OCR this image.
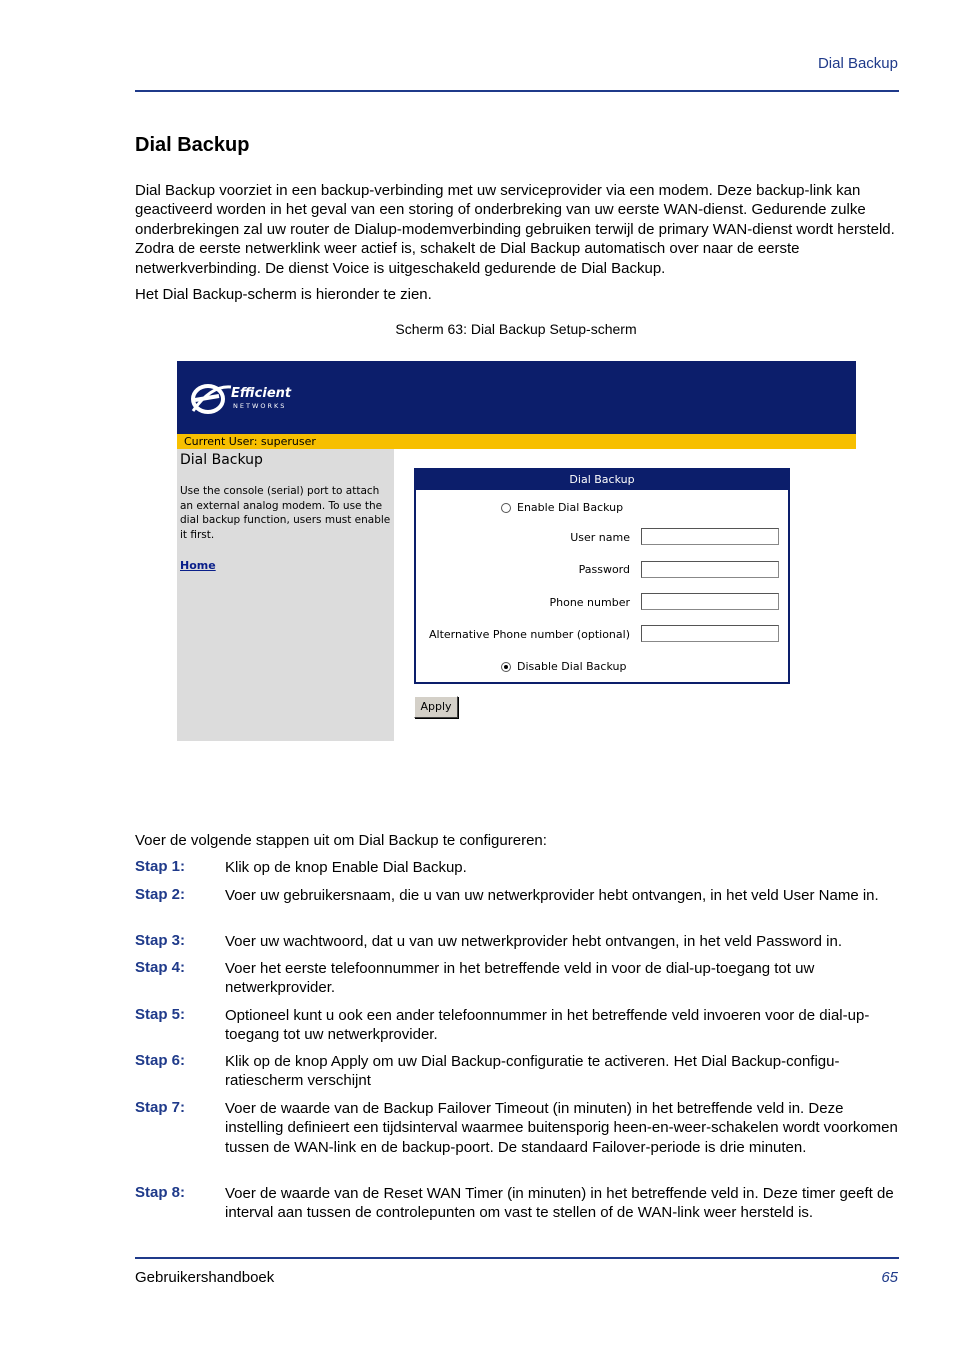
Dial Backup
Dial Backup
Dial Backup voorziet in een backup-verbinding met uw serviceprovider via een modem. Deze backup-link kan geactiveerd worden in het geval van een storing of onderbreking van uw eerste WAN-dienst. Gedurende zulke onderbrekingen zal uw router de Dialup-modemverbinding gebruiken terwijl de primary WAN-dienst wordt hersteld. Zodra de eerste netwerklink weer actief is, schakelt de Dial Backup automatisch over naar de eerste netwerkverbinding. De dienst Voice is uitgeschakeld gedurende de Dial Backup.
Het Dial Backup-scherm is hieronder te zien.
Scherm 63: Dial Backup Setup-scherm
Efficient
NETWORKS
Current User: superuser
Dial Backup
Use the console (serial) port to attach an external analog modem. To use the dial backup function, users must enable it first.
Home
Dial Backup
Enable Dial Backup
User name
Password
Phone number
Alternative Phone number (optional)
Disable Dial Backup
Apply
Voer de volgende stappen uit om Dial Backup te configureren:
Stap 1:	Klik op de knop Enable Dial Backup.
Stap 2:	Voer uw gebruikersnaam, die u van uw netwerkprovider hebt ontvangen, in het veld User Name in.
Stap 3:	Voer uw wachtwoord, dat u van uw netwerkprovider hebt ontvangen, in het veld Password in.
Stap 4:	Voer het eerste telefoonnummer in het betreffende veld in voor de dial-up-toegang tot uw netwerkprovider.
Stap 5:	Optioneel kunt u ook een ander telefoonnummer in het betreffende veld invoeren voor de dial-up-toegang tot uw netwerkprovider.
Stap 6:	Klik op de knop Apply om uw Dial Backup-configuratie te activeren. Het Dial Backup-configu-ratiescherm verschijnt
Stap 7:	Voer de waarde van de Backup Failover Timeout (in minuten) in het betreffende veld in. Deze instelling definieert een tijdsinterval waarmee buitensporig heen-en-weer-schakelen wordt voorkomen tussen de WAN-link en de backup-poort. De standaard Failover-periode is drie minuten.
Stap 8:	Voer de waarde van de Reset WAN Timer (in minuten) in het betreffende veld in. Deze timer geeft de interval aan tussen de controlepunten om vast te stellen of de WAN-link weer hersteld is.
Gebruikershandboek	65
